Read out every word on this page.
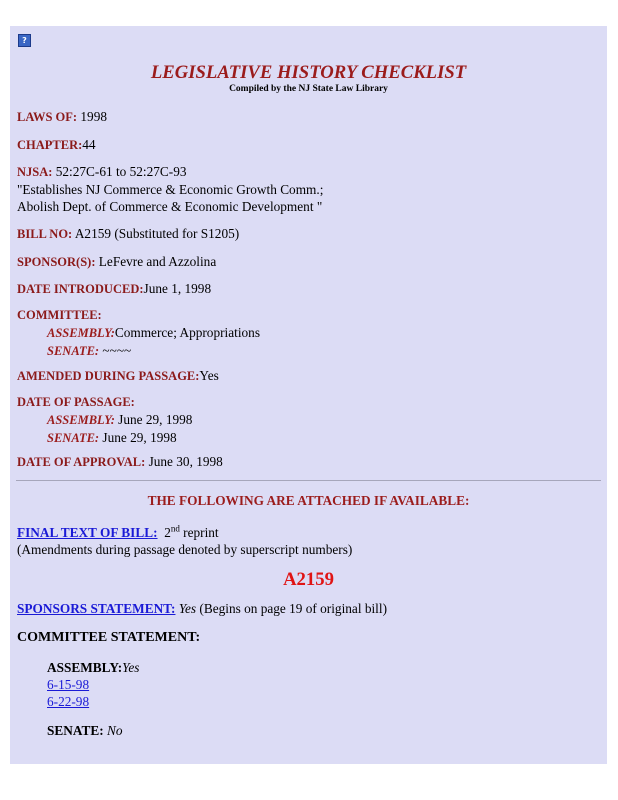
?
LEGISLATIVE HISTORY CHECKLIST
Compiled by the NJ State Law Library
LAWS OF: 1998
CHAPTER:44
NJSA: 52:27C-61 to 52:27C-93
"Establishes NJ Commerce & Economic Growth Comm.;
Abolish Dept. of Commerce & Economic Development "
BILL NO: A2159 (Substituted for S1205)
SPONSOR(S): LeFevre and Azzolina
DATE INTRODUCED:June 1, 1998
COMMITTEE:
ASSEMBLY:Commerce; Appropriations
SENATE: ~~~~
AMENDED DURING PASSAGE:Yes
DATE OF PASSAGE:
ASSEMBLY: June 29, 1998
SENATE: June 29, 1998
DATE OF APPROVAL: June 30, 1998
THE FOLLOWING ARE ATTACHED IF AVAILABLE:
FINAL TEXT OF BILL: 2nd reprint
(Amendments during passage denoted by superscript numbers)
A2159
SPONSORS STATEMENT: Yes (Begins on page 19 of original bill)
COMMITTEE STATEMENT:
ASSEMBLY:Yes
6-15-98
6-22-98
SENATE: No
